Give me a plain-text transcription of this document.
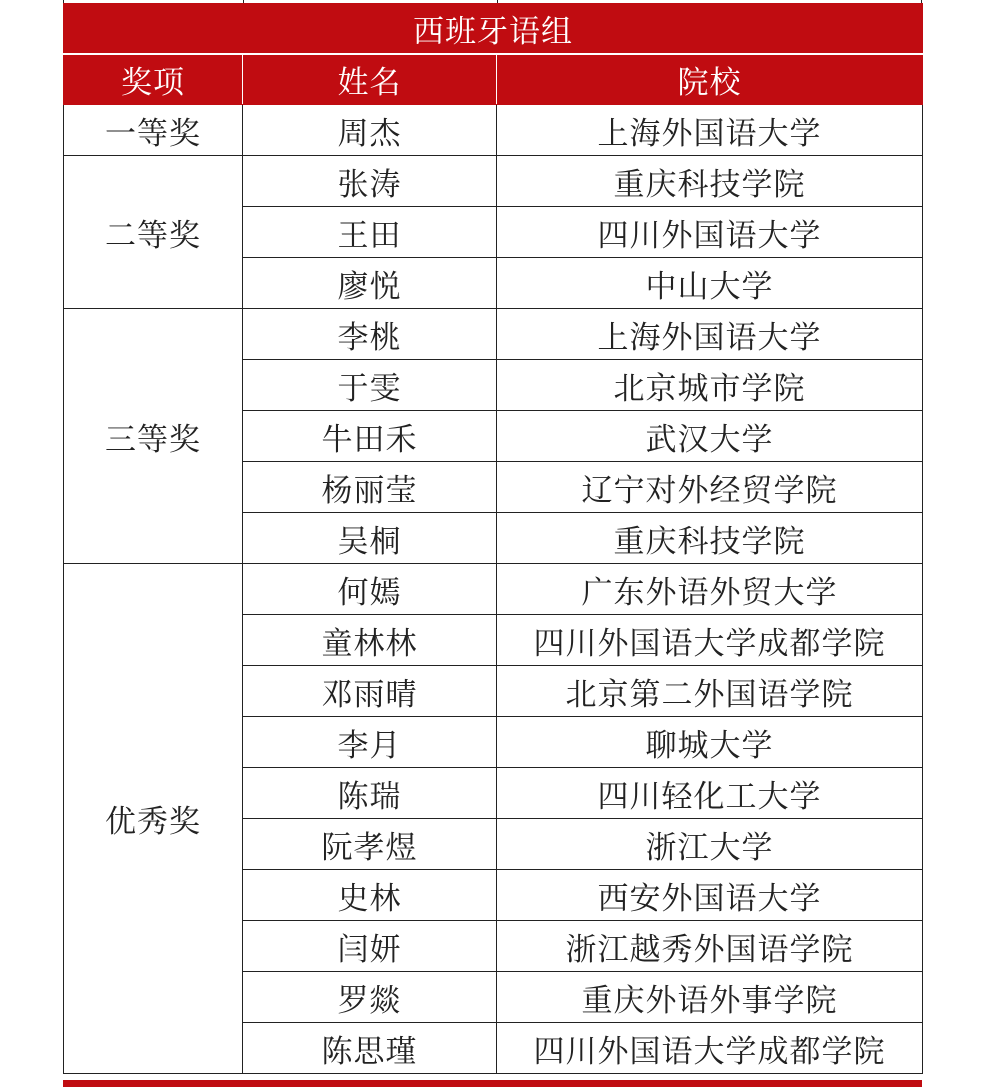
西班牙语组		
奖项	姓名	院校
一等奖	周杰	上海外国语大学
二等奖	张涛	重庆科技学院
	王田	四川外国语大学
	廖悦	中山大学
三等奖	李桃	上海外国语大学
	于雯	北京城市学院
	牛田禾	武汉大学
	杨丽莹	辽宁对外经贸学院
	吴桐	重庆科技学院
优秀奖	何嫣	广东外语外贸大学
	童林林	四川外国语大学成都学院
	邓雨晴	北京第二外国语学院
	李月	聊城大学
	陈瑞	四川轻化工大学
	阮孝煜	浙江大学
	史林	西安外国语大学
	闫妍	浙江越秀外国语学院
	罗燚	重庆外语外事学院
	陈思瑾	四川外国语大学成都学院
